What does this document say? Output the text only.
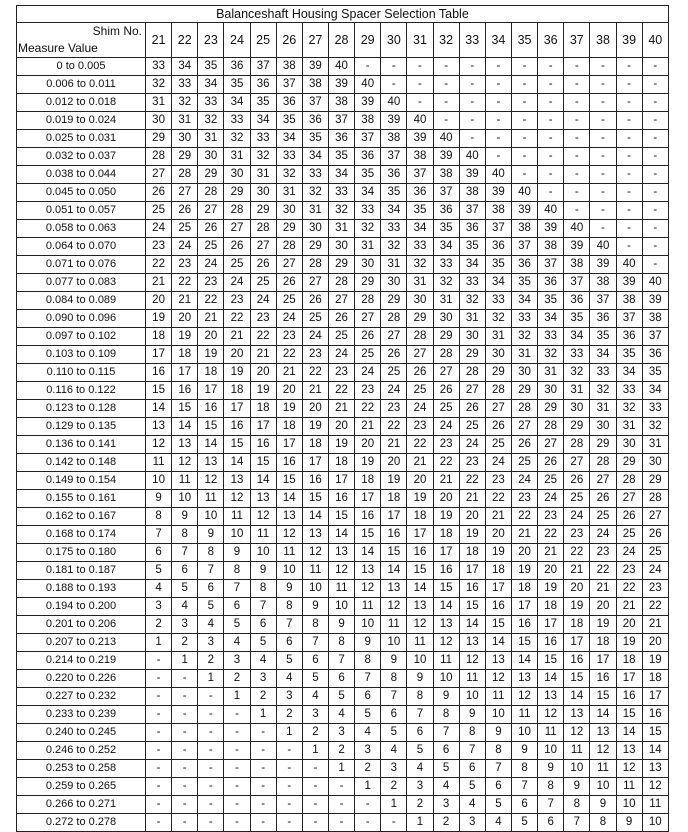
Balanceshaft Housing Spacer Selection Table																				

Shim No.
Measure Value	21	22	23	24	25	26	27	28	29	30	31	32	33	34	35	36	37	38	39	40
0 to 0.005	33	34	35	36	37	38	39	40	-	-	-	-	-	-	-	-	-	-	-	-
0.006 to 0.011	32	33	34	35	36	37	38	39	40	-	-	-	-	-	-	-	-	-	-	-
0.012 to 0.018	31	32	33	34	35	36	37	38	39	40	-	-	-	-	-	-	-	-	-	-
0.019 to 0.024	30	31	32	33	34	35	36	37	38	39	40	-	-	-	-	-	-	-	-	-
0.025 to 0.031	29	30	31	32	33	34	35	36	37	38	39	40	-	-	-	-	-	-	-	-
0.032 to 0.037	28	29	30	31	32	33	34	35	36	37	38	39	40	-	-	-	-	-	-	-
0.038 to 0.044	27	28	29	30	31	32	33	34	35	36	37	38	39	40	-	-	-	-	-	-
0.045 to 0.050	26	27	28	29	30	31	32	33	34	35	36	37	38	39	40	-	-	-	-	-
0.051 to 0.057	25	26	27	28	29	30	31	32	33	34	35	36	37	38	39	40	-	-	-	-
0.058 to 0.063	24	25	26	27	28	29	30	31	32	33	34	35	36	37	38	39	40	-	-	-
0.064 to 0.070	23	24	25	26	27	28	29	30	31	32	33	34	35	36	37	38	39	40	-	-
0.071 to 0.076	22	23	24	25	26	27	28	29	30	31	32	33	34	35	36	37	38	39	40	-
0.077 to 0.083	21	22	23	24	25	26	27	28	29	30	31	32	33	34	35	36	37	38	39	40
0.084 to 0.089	20	21	22	23	24	25	26	27	28	29	30	31	32	33	34	35	36	37	38	39
0.090 to 0.096	19	20	21	22	23	24	25	26	27	28	29	30	31	32	33	34	35	36	37	38
0.097 to 0.102	18	19	20	21	22	23	24	25	26	27	28	29	30	31	32	33	34	35	36	37
0.103 to 0.109	17	18	19	20	21	22	23	24	25	26	27	28	29	30	31	32	33	34	35	36
0.110 to 0.115	16	17	18	19	20	21	22	23	24	25	26	27	28	29	30	31	32	33	34	35
0.116 to 0.122	15	16	17	18	19	20	21	22	23	24	25	26	27	28	29	30	31	32	33	34
0.123 to 0.128	14	15	16	17	18	19	20	21	22	23	24	25	26	27	28	29	30	31	32	33
0.129 to 0.135	13	14	15	16	17	18	19	20	21	22	23	24	25	26	27	28	29	30	31	32
0.136 to 0.141	12	13	14	15	16	17	18	19	20	21	22	23	24	25	26	27	28	29	30	31
0.142 to 0.148	11	12	13	14	15	16	17	18	19	20	21	22	23	24	25	26	27	28	29	30
0.149 to 0.154	10	11	12	13	14	15	16	17	18	19	20	21	22	23	24	25	26	27	28	29
0.155 to 0.161	9	10	11	12	13	14	15	16	17	18	19	20	21	22	23	24	25	26	27	28
0.162 to 0.167	8	9	10	11	12	13	14	15	16	17	18	19	20	21	22	23	24	25	26	27
0.168 to 0.174	7	8	9	10	11	12	13	14	15	16	17	18	19	20	21	22	23	24	25	26
0.175 to 0.180	6	7	8	9	10	11	12	13	14	15	16	17	18	19	20	21	22	23	24	25
0.181 to 0.187	5	6	7	8	9	10	11	12	13	14	15	16	17	18	19	20	21	22	23	24
0.188 to 0.193	4	5	6	7	8	9	10	11	12	13	14	15	16	17	18	19	20	21	22	23
0.194 to 0.200	3	4	5	6	7	8	9	10	11	12	13	14	15	16	17	18	19	20	21	22
0.201 to 0.206	2	3	4	5	6	7	8	9	10	11	12	13	14	15	16	17	18	19	20	21
0.207 to 0.213	1	2	3	4	5	6	7	8	9	10	11	12	13	14	15	16	17	18	19	20
0.214 to 0.219	-	1	2	3	4	5	6	7	8	9	10	11	12	13	14	15	16	17	18	19
0.220 to 0.226	-	-	1	2	3	4	5	6	7	8	9	10	11	12	13	14	15	16	17	18
0.227 to 0.232	-	-	-	1	2	3	4	5	6	7	8	9	10	11	12	13	14	15	16	17
0.233 to 0.239	-	-	-	-	1	2	3	4	5	6	7	8	9	10	11	12	13	14	15	16
0.240 to 0.245	-	-	-	-	-	1	2	3	4	5	6	7	8	9	10	11	12	13	14	15
0.246 to 0.252	-	-	-	-	-	-	1	2	3	4	5	6	7	8	9	10	11	12	13	14
0.253 to 0.258	-	-	-	-	-	-	-	1	2	3	4	5	6	7	8	9	10	11	12	13
0.259 to 0.265	-	-	-	-	-	-	-	-	1	2	3	4	5	6	7	8	9	10	11	12
0.266 to 0.271	-	-	-	-	-	-	-	-	-	1	2	3	4	5	6	7	8	9	10	11
0.272 to 0.278	-	-	-	-	-	-	-	-	-	-	1	2	3	4	5	6	7	8	9	10
